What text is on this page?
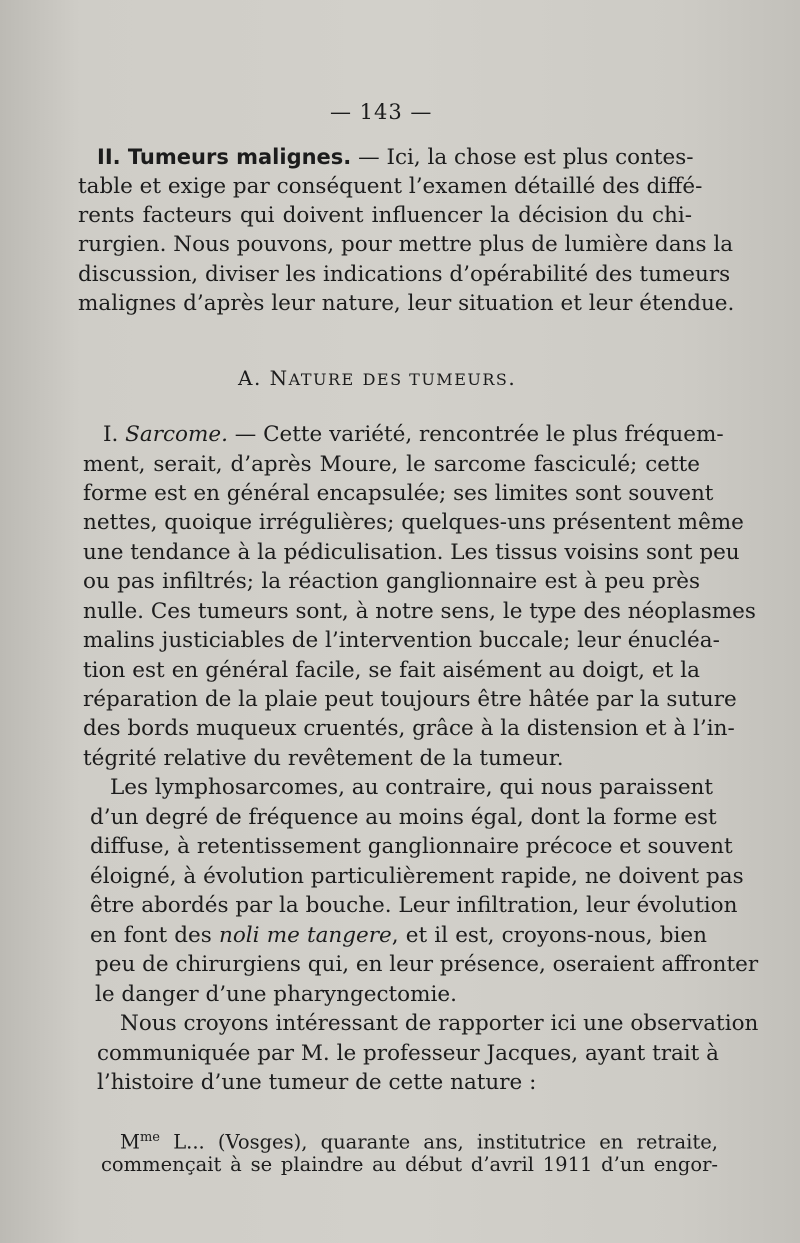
— 143 —
II. Tumeurs malignes. — Ici, la chose est plus contes-
table et exige par conséquent l’examen détaillé des diffé-
rents facteurs qui doivent influencer la décision du chi-
rurgien. Nous pouvons, pour mettre plus de lumière dans la
discussion, diviser les indications d’opérabilité des tumeurs
malignes d’après leur nature, leur situation et leur étendue.
A. NATURE DES TUMEURS.
I. Sarcome. — Cette variété, rencontrée le plus fréquem-
ment, serait, d’après Moure, le sarcome fasciculé; cette
forme est en général encapsulée; ses limites sont souvent
nettes, quoique irrégulières; quelques-uns présentent même
une tendance à la pédiculisation. Les tissus voisins sont peu
ou pas infiltrés; la réaction ganglionnaire est à peu près
nulle. Ces tumeurs sont, à notre sens, le type des néoplasmes
malins justiciables de l’intervention buccale; leur énucléa-
tion est en général facile, se fait aisément au doigt, et la
réparation de la plaie peut toujours être hâtée par la suture
des bords muqueux cruentés, grâce à la distension et à l’in-
tégrité relative du revêtement de la tumeur.
Les lymphosarcomes, au contraire, qui nous paraissent
d’un degré de fréquence au moins égal, dont la forme est
diffuse, à retentissement ganglionnaire précoce et souvent
éloigné, à évolution particulièrement rapide, ne doivent pas
être abordés par la bouche. Leur infiltration, leur évolution
en font des noli me tangere, et il est, croyons-nous, bien
peu de chirurgiens qui, en leur présence, oseraient affronter
le danger d’une pharyngectomie.
Nous croyons intéressant de rapporter ici une observation
communiquée par M. le professeur Jacques, ayant trait à
l’histoire d’une tumeur de cette nature :
$M^{me}$ L... (Vosges), quarante ans, institutrice en retraite,
commençait à se plaindre au début d’avril 1911 d’un engor-
